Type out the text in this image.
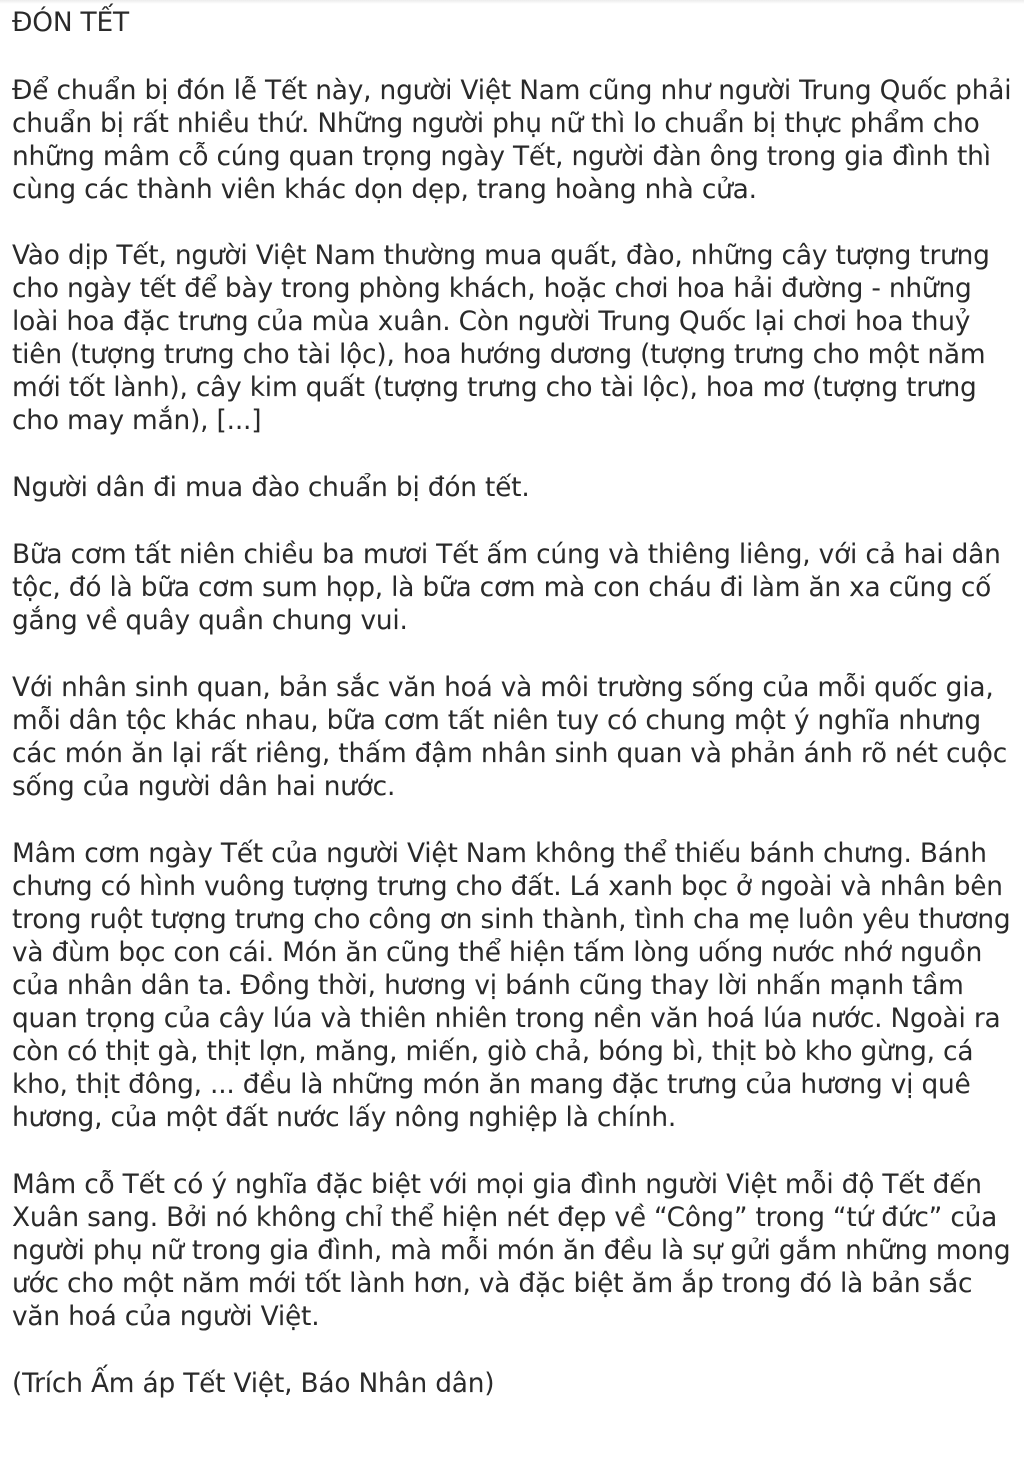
ĐÓN TẾT

Để chuẩn bị đón lễ Tết này, người Việt Nam cũng như người Trung Quốc phải chuẩn bị rất nhiều thứ. Những người phụ nữ thì lo chuẩn bị thực phẩm cho những mâm cỗ cúng quan trọng ngày Tết, người đàn ông trong gia đình thì cùng các thành viên khác dọn dẹp, trang hoàng nhà cửa.

Vào dịp Tết, người Việt Nam thường mua quất, đào, những cây tượng trưng cho ngày tết để bày trong phòng khách, hoặc chơi hoa hải đường - những loài hoa đặc trưng của mùa xuân. Còn người Trung Quốc lại chơi hoa thuỷ tiên (tượng trưng cho tài lộc), hoa hướng dương (tượng trưng cho một năm mới tốt lành), cây kim quất (tượng trưng cho tài lộc), hoa mơ (tượng trưng cho may mắn), [...]

Người dân đi mua đào chuẩn bị đón tết.

Bữa cơm tất niên chiều ba mươi Tết ấm cúng và thiêng liêng, với cả hai dân tộc, đó là bữa cơm sum họp, là bữa cơm mà con cháu đi làm ăn xa cũng cố gắng về quây quần chung vui.

Với nhân sinh quan, bản sắc văn hoá và môi trường sống của mỗi quốc gia, mỗi dân tộc khác nhau, bữa cơm tất niên tuy có chung một ý nghĩa nhưng các món ăn lại rất riêng, thấm đậm nhân sinh quan và phản ánh rõ nét cuộc sống của người dân hai nước.

Mâm cơm ngày Tết của người Việt Nam không thể thiếu bánh chưng. Bánh chưng có hình vuông tượng trưng cho đất. Lá xanh bọc ở ngoài và nhân bên trong ruột tượng trưng cho công ơn sinh thành, tình cha mẹ luôn yêu thương và đùm bọc con cái. Món ăn cũng thể hiện tấm lòng uống nước nhớ nguồn của nhân dân ta. Đồng thời, hương vị bánh cũng thay lời nhấn mạnh tầm quan trọng của cây lúa và thiên nhiên trong nền văn hoá lúa nước. Ngoài ra còn có thịt gà, thịt lợn, măng, miến, giò chả, bóng bì, thịt bò kho gừng, cá kho, thịt đông, ... đều là những món ăn mang đặc trưng của hương vị quê hương, của một đất nước lấy nông nghiệp là chính.

Mâm cỗ Tết có ý nghĩa đặc biệt với mọi gia đình người Việt mỗi độ Tết đến Xuân sang. Bởi nó không chỉ thể hiện nét đẹp về “Công” trong “tứ đức” của người phụ nữ trong gia đình, mà mỗi món ăn đều là sự gửi gắm những mong ước cho một năm mới tốt lành hơn, và đặc biệt ăm ắp trong đó là bản sắc văn hoá của người Việt.

(Trích Ấm áp Tết Việt, Báo Nhân dân)
